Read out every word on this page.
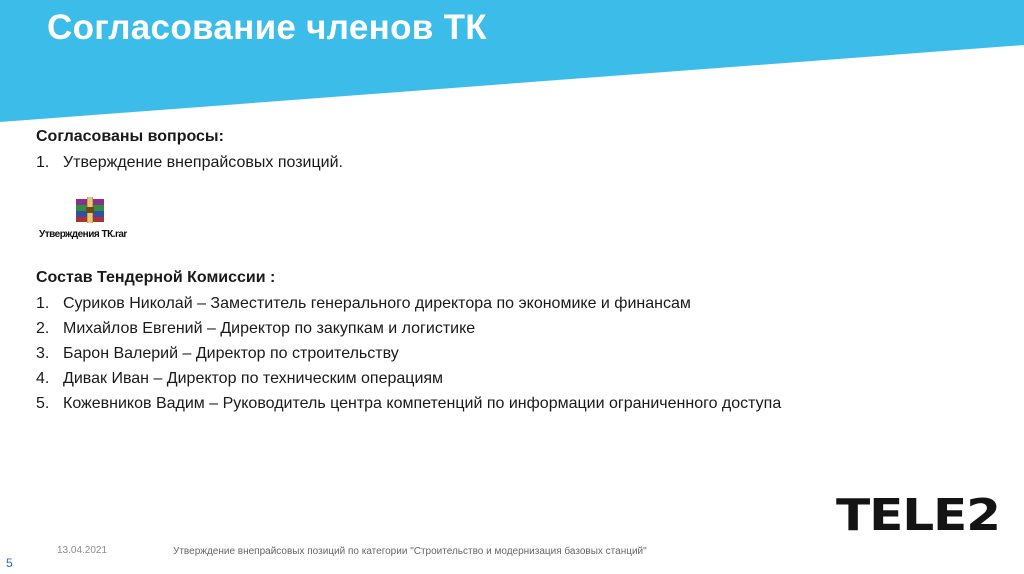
Согласование членов ТК

Согласованы вопросы:

1. Утверждение внепрайсовых позиций.
Утверждения ТК.rar

Состав Тендерной Комиссии :

1. Суриков Николай – Заместитель генерального директора по экономике и финансам
2. Михайлов Евгений – Директор по закупкам и логистике
3. Барон Валерий – Директор по строительству
4. Дивак Иван – Директор по техническим операциям
5. Кожевников Вадим – Руководитель центра компетенций по информации ограниченного доступа
TELE2
13.04.2021	Утверждение внепрайсовых позиций по категории "Строительство и модернизация базовых станций"
5
